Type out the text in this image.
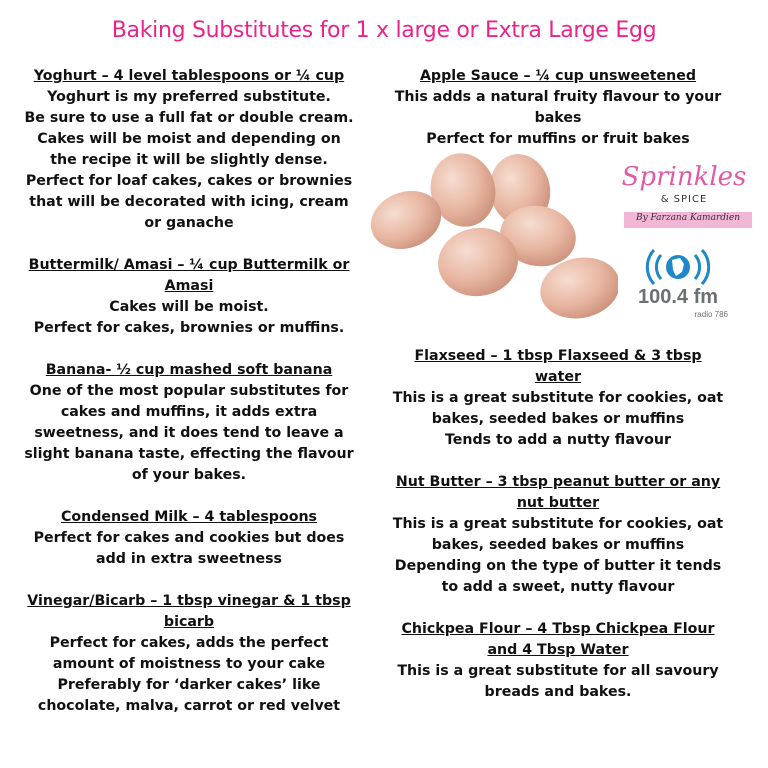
Baking Substitutes for 1 x large or Extra Large Egg
Yoghurt – 4 level tablespoons or ¼ cup
Yoghurt is my preferred substitute.
Be sure to use a full fat or double cream.
Cakes will be moist and depending on
the recipe it will be slightly dense.
Perfect for loaf cakes, cakes or brownies
that will be decorated with icing, cream
or ganache
Buttermilk/ Amasi – ¼ cup Buttermilk or
Amasi
Cakes will be moist.
Perfect for cakes, brownies or muffins.
Banana- ½ cup mashed soft banana
One of the most popular substitutes for
cakes and muffins, it adds extra
sweetness, and it does tend to leave a
slight banana taste, effecting the flavour
of your bakes.
Condensed Milk – 4 tablespoons
Perfect for cakes and cookies but does
add in extra sweetness
Vinegar/Bicarb – 1 tbsp vinegar & 1 tbsp
bicarb
Perfect for cakes, adds the perfect
amount of moistness to your cake
Preferably for ‘darker cakes’ like
chocolate, malva, carrot or red velvet
Apple Sauce – ¼ cup unsweetened
This adds a natural fruity flavour to your
bakes
Perfect for muffins or fruit bakes
Flaxseed – 1 tbsp Flaxseed & 3 tbsp
water
This is a great substitute for cookies, oat
bakes, seeded bakes or muffins
Tends to add a nutty flavour
Nut Butter – 3 tbsp peanut butter or any
nut butter
This is a great substitute for cookies, oat
bakes, seeded bakes or muffins
Depending on the type of butter it tends
to add a sweet, nutty flavour
Chickpea Flour – 4 Tbsp Chickpea Flour
and 4 Tbsp Water
This is a great substitute for all savoury
breads and bakes.
Sprinkles
& SPICE
By Farzana Kamardien
100.4 fm
radio 786
